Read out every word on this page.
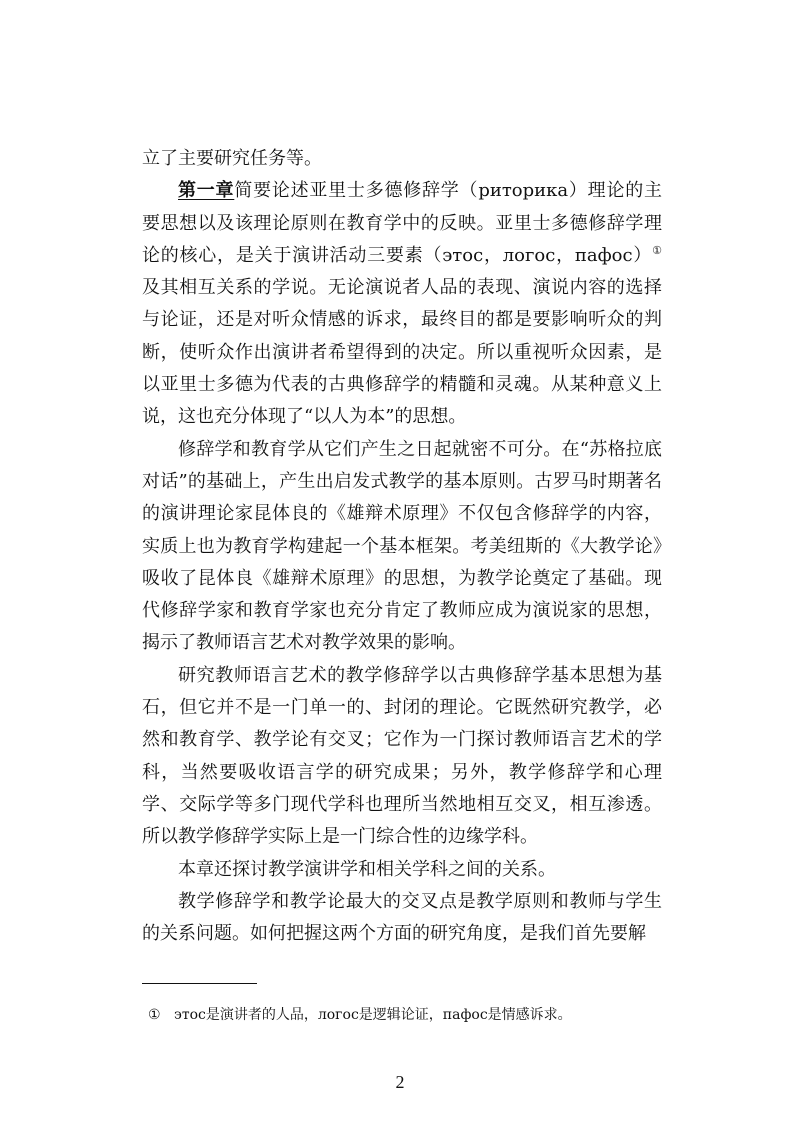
立了主要研究任务等。

第一章简要论述亚里士多德修辞学（риторика）理论的主要思想以及该理论原则在教育学中的反映。亚里士多德修辞学理论的核心，是关于演讲活动三要素（этос，логос，пафос）① 及其相互关系的学说。无论演说者人品的表现、演说内容的选择与论证，还是对听众情感的诉求，最终目的都是要影响听众的判断，使听众作出演讲者希望得到的决定。所以重视听众因素，是以亚里士多德为代表的古典修辞学的精髓和灵魂。从某种意义上说，这也充分体现了“以人为本”的思想。

修辞学和教育学从它们产生之日起就密不可分。在“苏格拉底对话”的基础上，产生出启发式教学的基本原则。古罗马时期著名的演讲理论家昆体良的《雄辩术原理》不仅包含修辞学的内容，实质上也为教育学构建起一个基本框架。考美纽斯的《大教学论》吸收了昆体良《雄辩术原理》的思想，为教学论奠定了基础。现代修辞学家和教育学家也充分肯定了教师应成为演说家的思想，揭示了教师语言艺术对教学效果的影响。

研究教师语言艺术的教学修辞学以古典修辞学基本思想为基石，但它并不是一门单一的、封闭的理论。它既然研究教学，必然和教育学、教学论有交叉；它作为一门探讨教师语言艺术的学科，当然要吸收语言学的研究成果；另外，教学修辞学和心理学、交际学等多门现代学科也理所当然地相互交叉，相互渗透。所以教学修辞学实际上是一门综合性的边缘学科。

本章还探讨教学演讲学和相关学科之间的关系。

教学修辞学和教学论最大的交叉点是教学原则和教师与学生的关系问题。如何把握这两个方面的研究角度，是我们首先要解

① этос是演讲者的人品，логос是逻辑论证，пафос是情感诉求。
2
